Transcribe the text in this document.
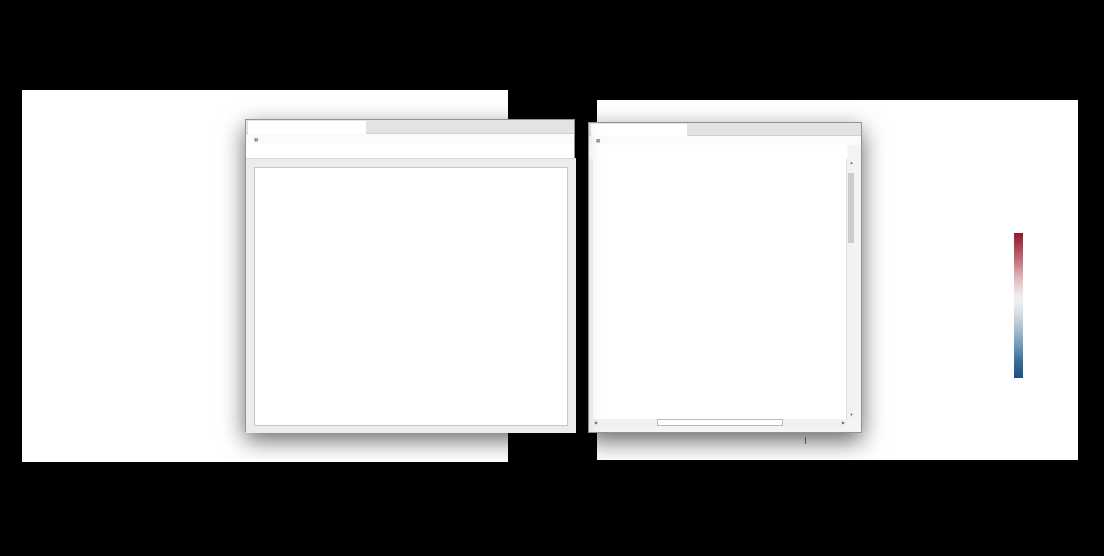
▦
▲
▼
◀	▶
▦
